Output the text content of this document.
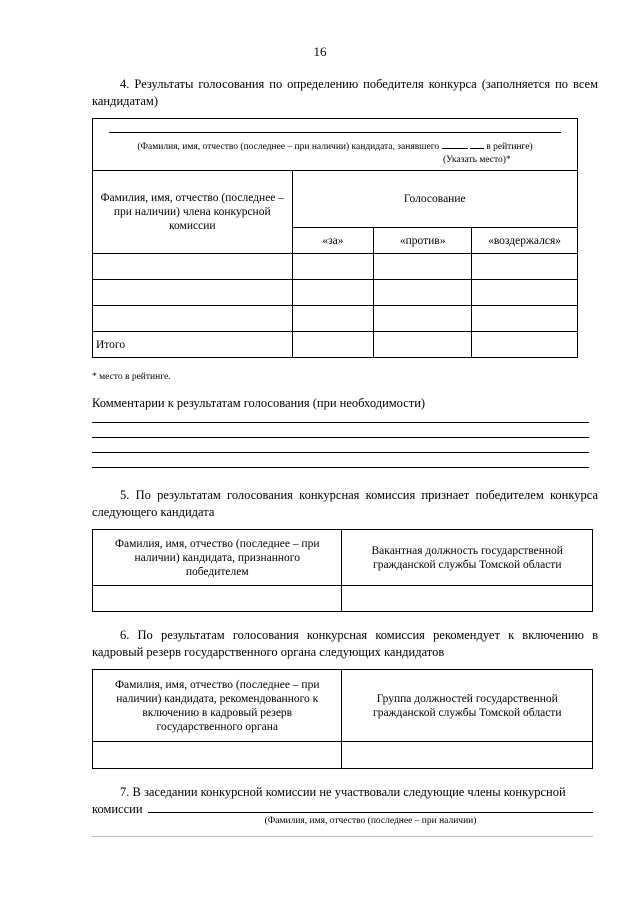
16
4. Результаты голосования по определению победителя конкурса (заполняется по всем кандидатам)
(Фамилия, имя, отчество (последнее – при наличии) кандидата, занявшего в рейтинге)
(Указать место)*			

Фамилия, имя, отчество (последнее – при наличии) члена конкурсной комиссии	Голосование		
	«за»	«против»	«воздержался»

Итого			
* место в рейтинге.
Комментарии к результатам голосования (при необходимости)
5. По результатам голосования конкурсная комиссия признает победителем конкурса следующего кандидата
Фамилия, имя, отчество (последнее – при наличии) кандидата, признанного победителем	Вакантная должность государственной гражданской службы Томской области

6. По результатам голосования конкурсная комиссия рекомендует к включению в кадровый резерв государственного органа следующих кандидатов
Фамилия, имя, отчество (последнее – при наличии) кандидата, рекомендованного к включению в кадровый резерв государственного органа	Группа должностей государственной гражданской службы Томской области

7. В заседании конкурсной комиссии не участвовали следующие члены конкурсной
комиссии
(Фамилия, имя, отчество (последнее – при наличии)
